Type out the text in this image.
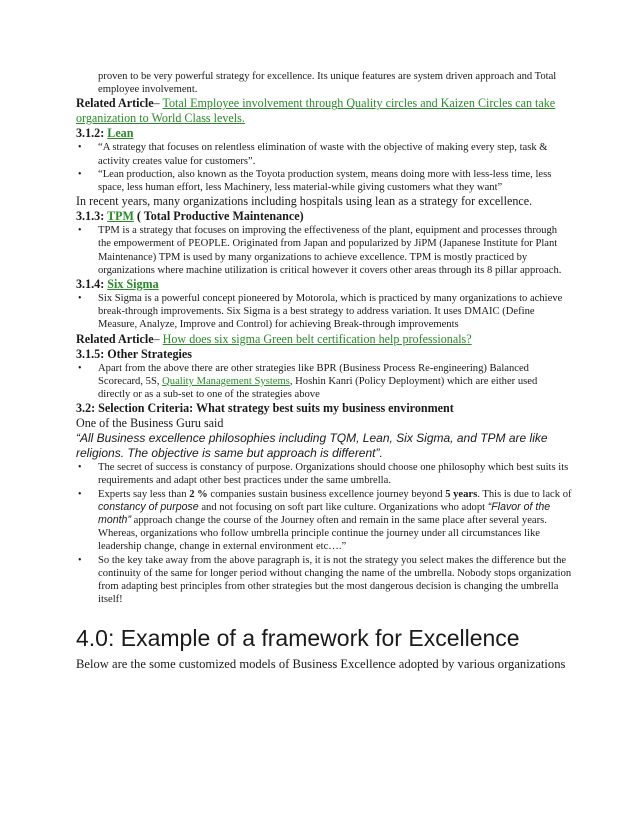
proven to be very powerful strategy for excellence. Its unique features are system driven approach and Total employee involvement.

Related Article– Total Employee involvement through Quality circles and Kaizen Circles can take organization to World Class levels.

3.1.2: Lean

• “A strategy that focuses on relentless elimination of waste with the objective of making every step, task & activity creates value for customers”.
• “Lean production, also known as the Toyota production system, means doing more with less-less time, less space, less human effort, less Machinery, less material-while giving customers what they want”

In recent years, many organizations including hospitals using lean as a strategy for excellence.

3.1.3: TPM ( Total Productive Maintenance)

• TPM is a strategy that focuses on improving the effectiveness of the plant, equipment and processes through the empowerment of PEOPLE. Originated from Japan and popularized by JiPM (Japanese Institute for Plant Maintenance) TPM is used by many organizations to achieve excellence. TPM is mostly practiced by organizations where machine utilization is critical however it covers other areas through its 8 pillar approach.

3.1.4: Six Sigma

• Six Sigma is a powerful concept pioneered by Motorola, which is practiced by many organizations to achieve break-through improvements. Six Sigma is a best strategy to address variation. It uses DMAIC (Define Measure, Analyze, Improve and Control) for achieving Break-through improvements

Related Article– How does six sigma Green belt certification help professionals?

3.1.5: Other Strategies

• Apart from the above there are other strategies like BPR (Business Process Re-engineering) Balanced Scorecard, 5S, Quality Management Systems, Hoshin Kanri (Policy Deployment) which are either used directly or as a sub-set to one of the strategies above

3.2: Selection Criteria: What strategy best suits my business environment

One of the Business Guru said

“All Business excellence philosophies including TQM, Lean, Six Sigma, and TPM are like religions. The objective is same but approach is different”.

• The secret of success is constancy of purpose. Organizations should choose one philosophy which best suits its requirements and adapt other best practices under the same umbrella.
• Experts say less than 2 % companies sustain business excellence journey beyond 5 years. This is due to lack of constancy of purpose and not focusing on soft part like culture. Organizations who adopt “Flavor of the month” approach change the course of the Journey often and remain in the same place after several years. Whereas, organizations who follow umbrella principle continue the journey under all circumstances like leadership change, change in external environment etc….”
• So the key take away from the above paragraph is, it is not the strategy you select makes the difference but the continuity of the same for longer period without changing the name of the umbrella. Nobody stops organization from adapting best principles from other strategies but the most dangerous decision is changing the umbrella itself!
4.0: Example of a framework for Excellence

Below are the some customized models of Business Excellence adopted by various organizations
